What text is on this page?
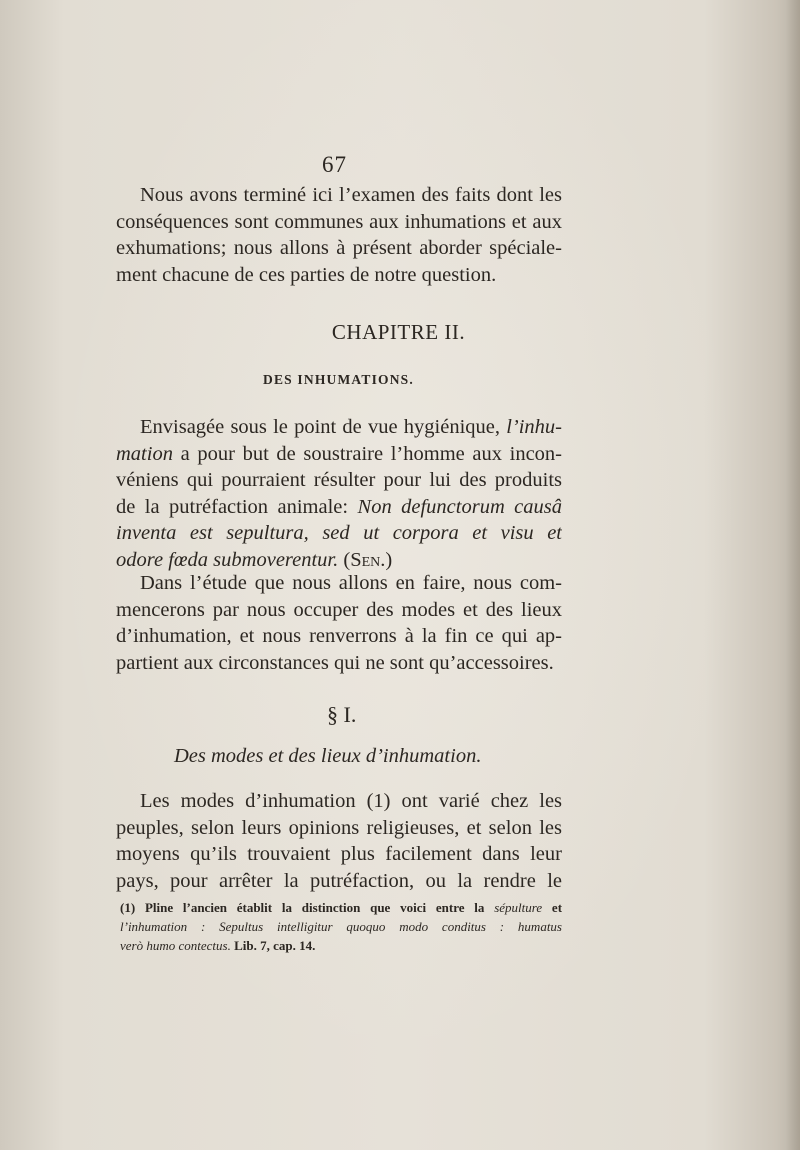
67
Nous avons terminé ici l’examen des faits dont les
conséquences sont communes aux inhumations et aux
exhumations; nous allons à présent aborder spéciale-
ment chacune de ces parties de notre question.
CHAPITRE II.
DES INHUMATIONS.
Envisagée sous le point de vue hygiénique, l’inhu-
mation a pour but de soustraire l’homme aux incon-
véniens qui pourraient résulter pour lui des produits
de la putréfaction animale: Non defunctorum causâ
inventa est sepultura, sed ut corpora et visu et
odore fœda submoverentur. (Sen.)
Dans l’étude que nous allons en faire, nous com-
mencerons par nous occuper des modes et des lieux
d’inhumation, et nous renverrons à la fin ce qui ap-
partient aux circonstances qui ne sont qu’accessoires.
§ I.
Des modes et des lieux d’inhumation.
Les modes d’inhumation (1) ont varié chez les
peuples, selon leurs opinions religieuses, et selon les
moyens qu’ils trouvaient plus facilement dans leur
pays, pour arrêter la putréfaction, ou la rendre le
(1) Pline l’ancien établit la distinction que voici entre la sépulture et
l’inhumation : Sepultus intelligitur quoquo modo conditus : humatus
verò humo contectus. Lib. 7, cap. 14.
